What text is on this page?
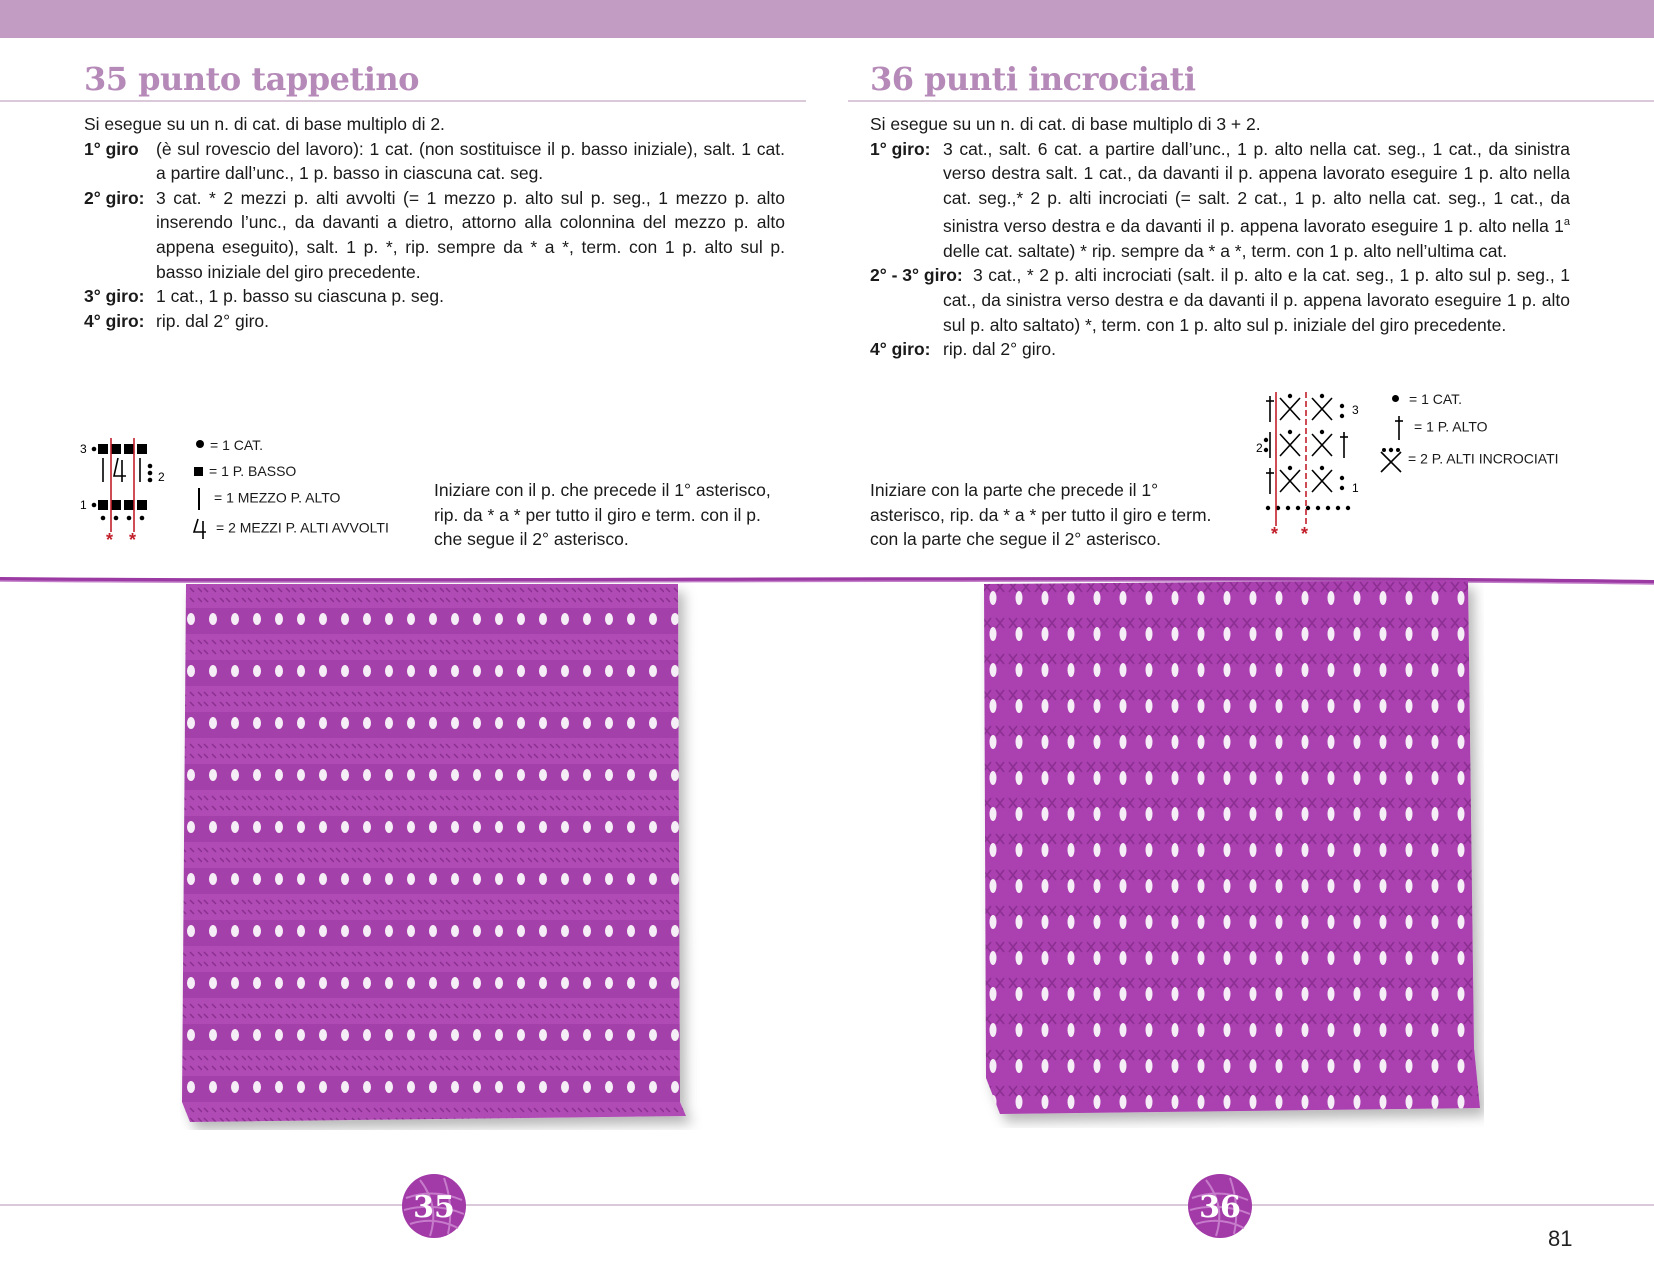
35 punto tappetino

Si esegue su un n. di cat. di base multiplo di 2.

1° giro (è sul rovescio del lavoro): 1 cat. (non sostituisce il p. basso iniziale), salt. 1 cat. a partire dall’unc., 1 p. basso in ciascuna cat. seg.
2° giro: 3 cat. * 2 mezzi p. alti avvolti (= 1 mezzo p. alto sul p. seg., 1 mezzo p. alto inserendo l’unc., da davanti a dietro, attorno alla colonnina del mezzo p. alto appena eseguito), salt. 1 p. *, rip. sempre da * a *, term. con 1 p. alto sul p. basso iniziale del giro precedente.
3° giro: 1 cat., 1 p. basso su ciascuna p. seg.
4° giro: rip. dal 2° giro.
3
2
1
* *
= 1 CAT.
= 1 P. BASSO
= 1 MEZZO P. ALTO
= 2 MEZZI P. ALTI AVVOLTI
Iniziare con il p. che precede il 1° asterisco, rip. da * a * per tutto il giro e term. con il p. che segue il 2° asterisco.
36 punti incrociati

Si esegue su un n. di cat. di base multiplo di 3 + 2.

1° giro: 3 cat., salt. 6 cat. a partire dall’unc., 1 p. alto nella cat. seg., 1 cat., da sinistra verso destra salt. 1 cat., da davanti il p. appena lavorato eseguire 1 p. alto nella cat. seg.,* 2 p. alti incrociati (= salt. 2 cat., 1 p. alto nella cat. seg., 1 cat., da sinistra verso destra e da davanti il p. appena lavorato eseguire 1 p. alto nella 1$^a$ delle cat. saltate) * rip. sempre da * a *, term. con 1 p. alto nell’ultima cat.
2° - 3° giro: 3 cat., * 2 p. alti incrociati (salt. il p. alto e la cat. seg., 1 p. alto sul p. seg., 1 cat., da sinistra verso destra e da davanti il p. appena lavorato eseguire 1 p. alto sul p. alto saltato) *, term. con 1 p. alto sul p. iniziale del giro precedente.
4° giro: rip. dal 2° giro.
3
2
1
* *
= 1 CAT.
= 1 P. ALTO
= 2 P. ALTI INCROCIATI
Iniziare con la parte che precede il 1° asterisco, rip. da * a * per tutto il giro e term. con la parte che segue il 2° asterisco.
35	36
81
